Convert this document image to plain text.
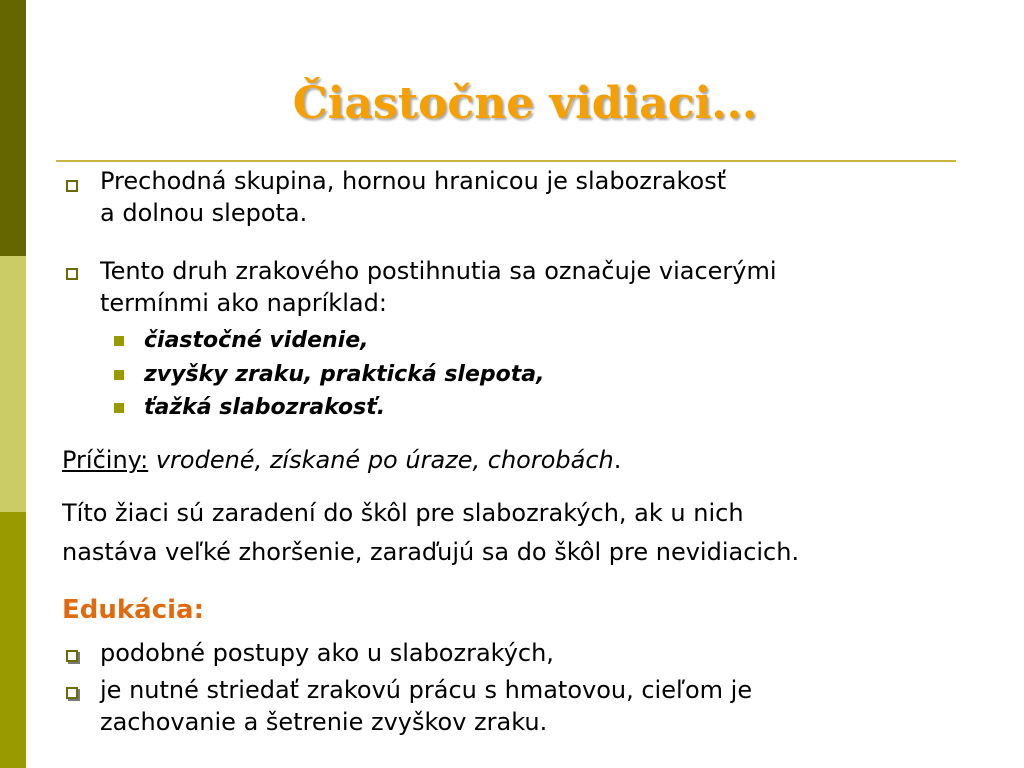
Čiastočne vidiaci...
Prechodná skupina, hornou hranicou je slabozrakosť
a dolnou slepota.
Tento druh zrakového postihnutia sa označuje viacerými
termínmi ako napríklad:
čiastočné videnie,
zvyšky zraku, praktická slepota,
ťažká slabozrakosť.
Príčiny: vrodené, získané po úraze, chorobách.
Títo žiaci sú zaradení do škôl pre slabozrakých, ak u nich
nastáva veľké zhoršenie, zaraďujú sa do škôl pre nevidiacich.
Edukácia:
podobné postupy ako u slabozrakých,
je nutné striedať zrakovú prácu s hmatovou, cieľom je
zachovanie a šetrenie zvyškov zraku.
